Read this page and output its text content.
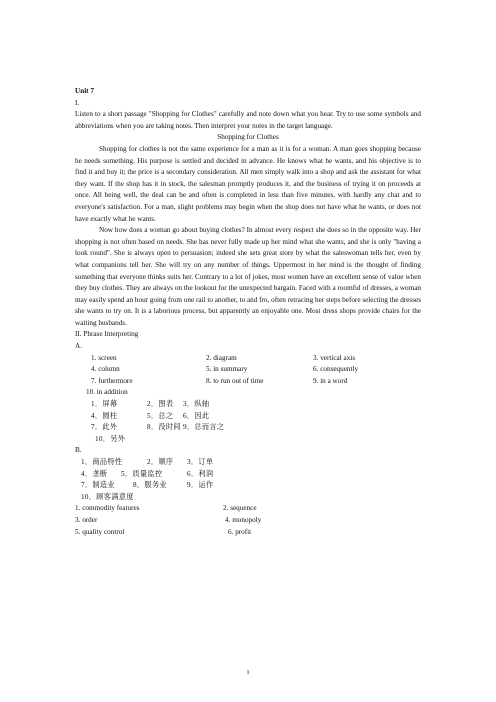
Unit 7
I.

Listen to a short passage "Shopping for Clothes" carefully and note down what you hear. Try to use some symbols and abbreviations when you are taking notes. Then interpret your notes in the target language.

Shopping for Clothes

Shopping for clothes is not the same experience for a man as it is for a woman. A man goes shopping because he needs something. His purpose is settled and decided in advance. He knows what he wants, and his objective is to find it and buy it; the price is a secondary consideration. All men simply walk into a shop and ask the assistant for what they want. If the shop has it in stock, the salesman promptly produces it, and the business of trying it on proceeds at once. All being well, the deal can be and often is completed in less than five minutes, with hardly any chat and to everyone's satisfaction. For a man, slight problems may begin when the shop does not have what he wants, or does not have exactly what he wants.

Now how does a woman go about buying clothes? In almost every respect she does so in the opposite way. Her shopping is not often based on needs. She has never fully made up her mind what she wants, and she is only "having a look round". She is always open to persuasion; indeed she sets great store by what the saleswoman tells her, even by what companions tell her. She will try on any number of things. Uppermost in her mind is the thought of finding something that everyone thinks suits her. Contrary to a lot of jokes, most women have an excellent sense of value when they buy clothes. They are always on the lookout for the unexpected bargain. Faced with a roomful of dresses, a woman may easily spend an hour going from one rail to another, to and fro, often retracing her steps before selecting the dresses she wants to try on. It is a laborious process, but apparently an enjoyable one. Most dress shops provide chairs for the waiting husbands.

II. Phrase Interpreting
A.
1. screen	2. diagram	3. vertical axis
4. column	5. in summary	6. consequently
7. furthermore	8. to run out of time	9. in a word
10. in addition
1．屏幕	2．图表 3．纵轴
4．圆柱	5．总之 6．因此
7．此外	8．没时间 9．总而言之
10．另外
B.
1．商品特性	2．顺序 3．订单
4．垄断 5．质量监控	6．利润
7．制造业	8．服务业	9．运作
10．顾客满意度
1. commodity features	2. sequence
3. order	4. monopoly
5. quality control	6. profit
1
